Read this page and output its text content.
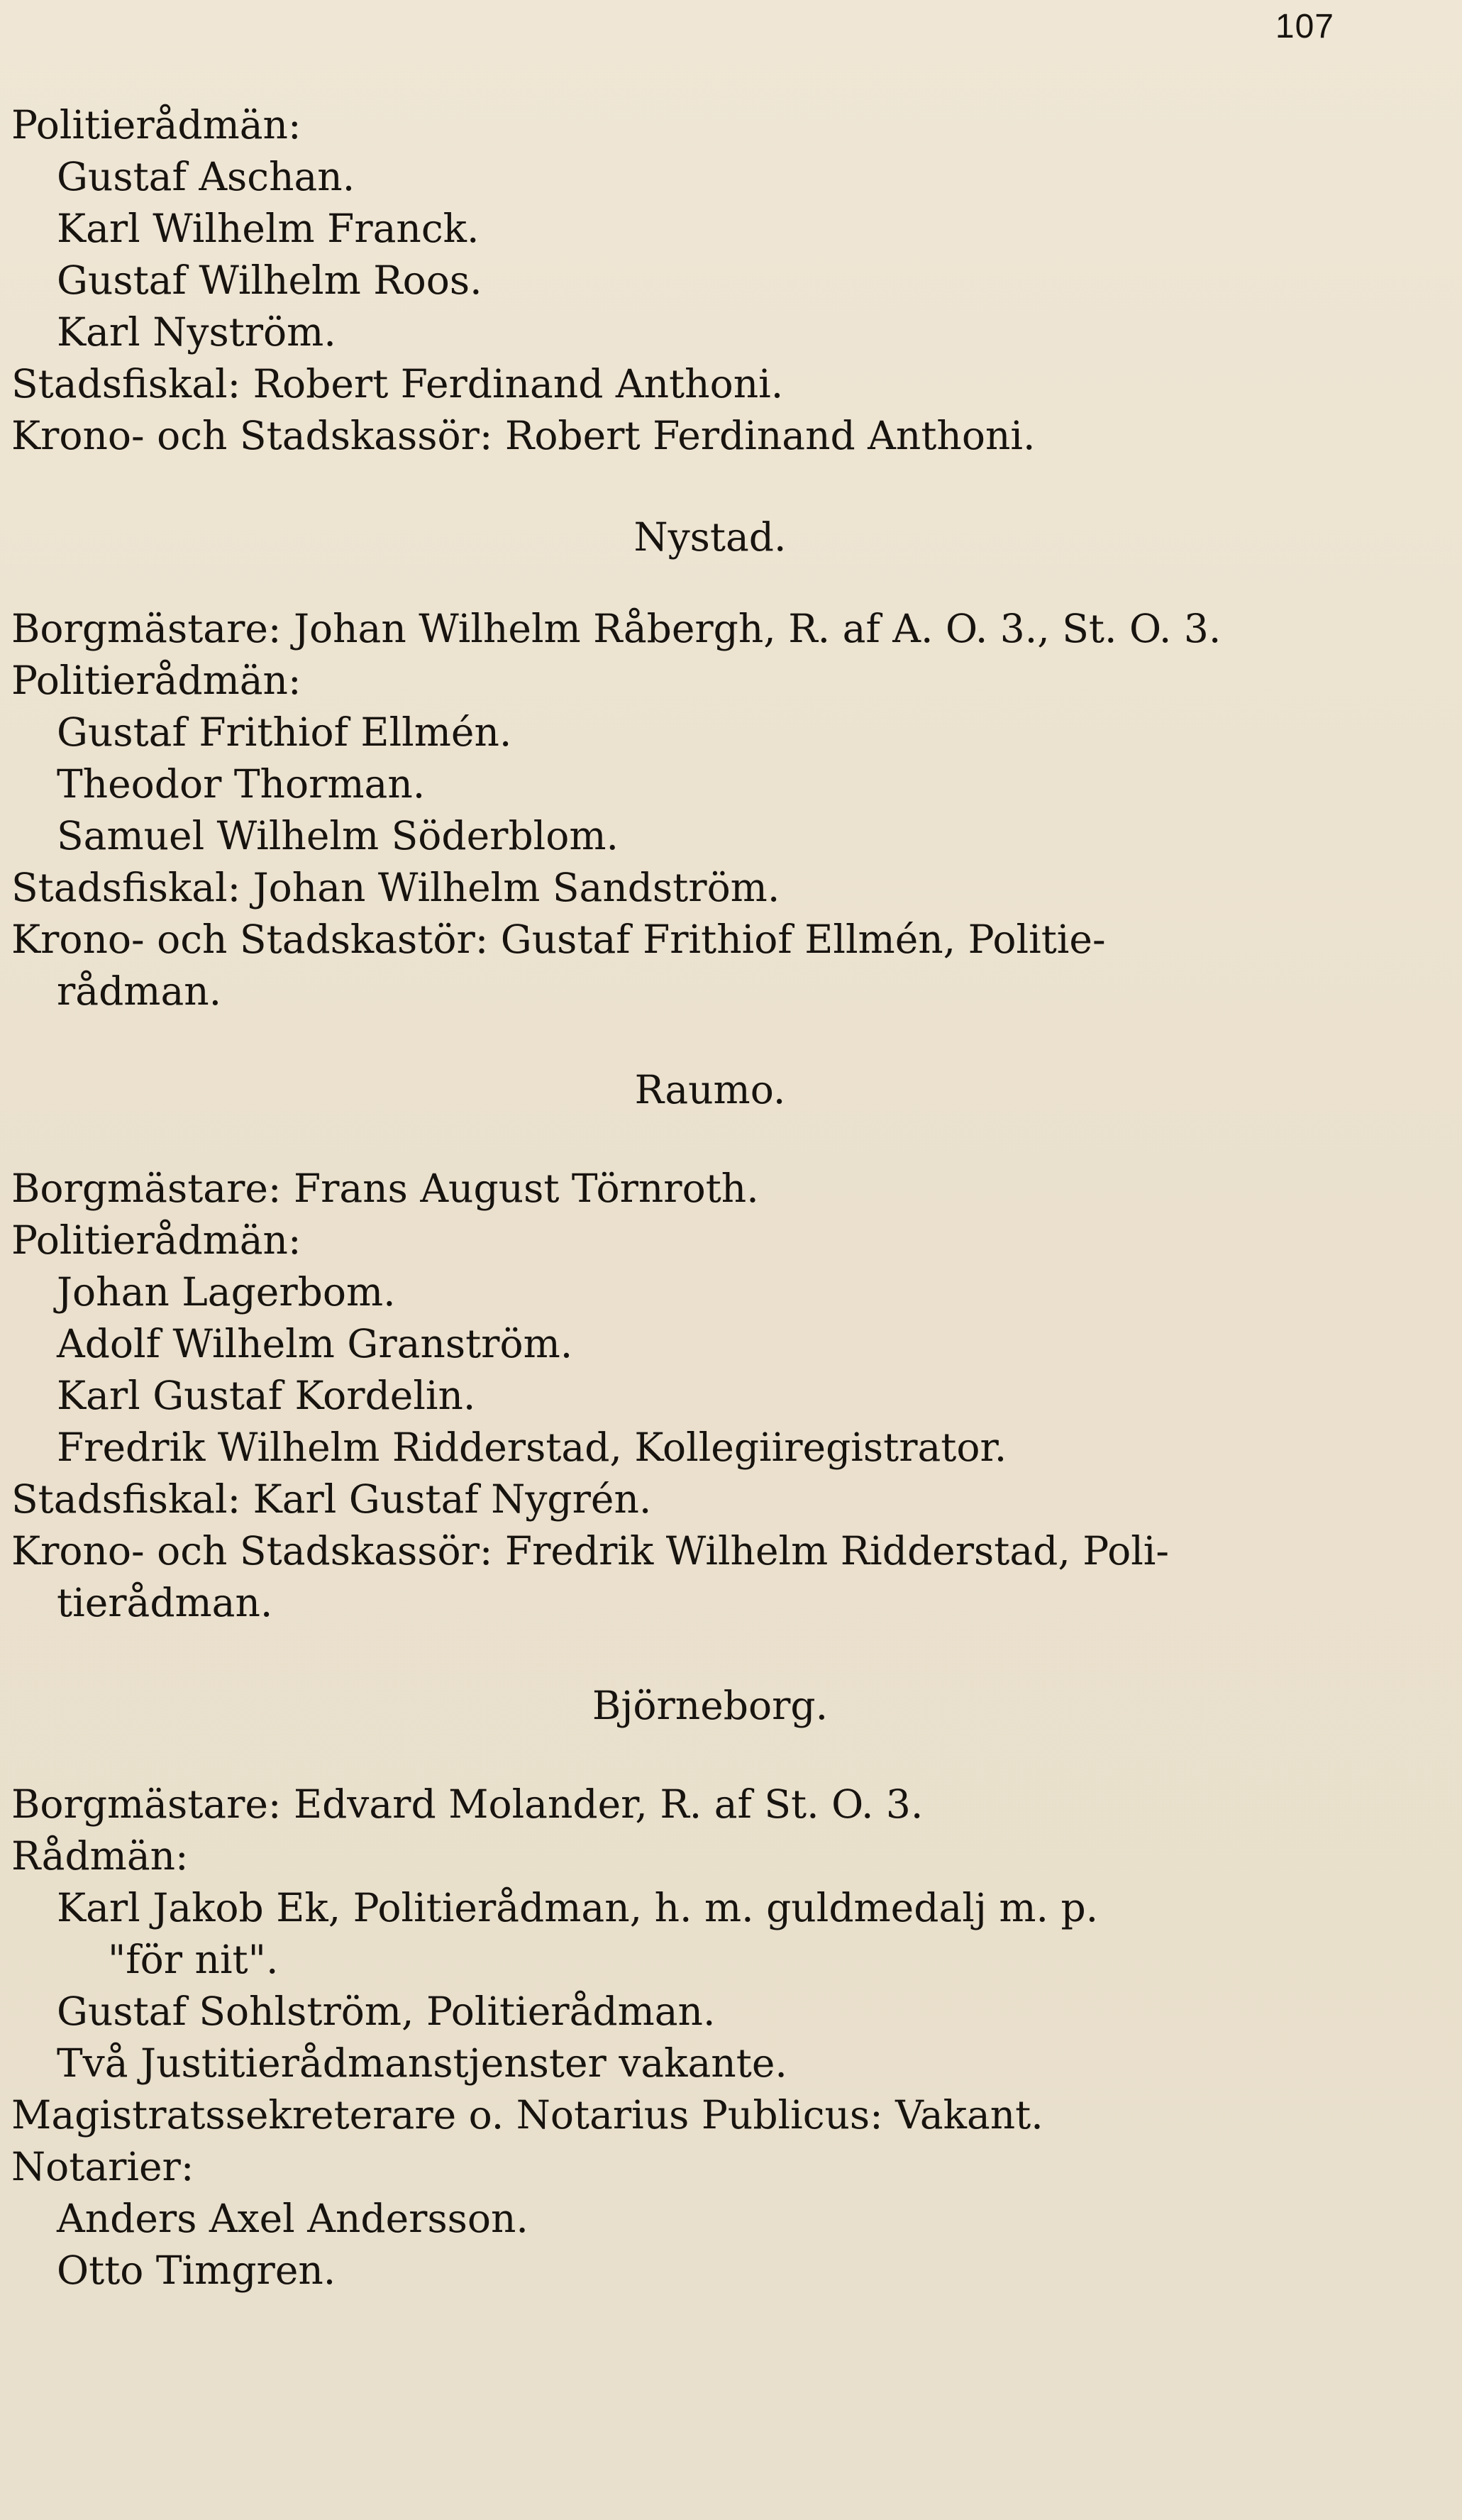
107
Politierådmän:
Gustaf Aschan.
Karl Wilhelm Franck.
Gustaf Wilhelm Roos.
Karl Nyström.
Stadsfiskal: Robert Ferdinand Anthoni.
Krono- och Stadskassör: Robert Ferdinand Anthoni.
Nystad.
Borgmästare: Johan Wilhelm Råbergh, R. af A. O. 3., St. O. 3.
Politierådmän:
Gustaf Frithiof Ellmén.
Theodor Thorman.
Samuel Wilhelm Söderblom.
Stadsfiskal: Johan Wilhelm Sandström.
Krono- och Stadskastör: Gustaf Frithiof Ellmén, Politie-
rådman.
Raumo.
Borgmästare: Frans August Törnroth.
Politierådmän:
Johan Lagerbom.
Adolf Wilhelm Granström.
Karl Gustaf Kordelin.
Fredrik Wilhelm Ridderstad, Kollegiiregistrator.
Stadsfiskal: Karl Gustaf Nygrén.
Krono- och Stadskassör: Fredrik Wilhelm Ridderstad, Poli-
tierådman.
Björneborg.
Borgmästare: Edvard Molander, R. af St. O. 3.
Rådmän:
Karl Jakob Ek, Politierådman, h. m. guldmedalj m. p.
"för nit".
Gustaf Sohlström, Politierådman.
Två Justitierådmanstjenster vakante.
Magistratssekreterare o. Notarius Publicus: Vakant.
Notarier:
Anders Axel Andersson.
Otto Timgren.
